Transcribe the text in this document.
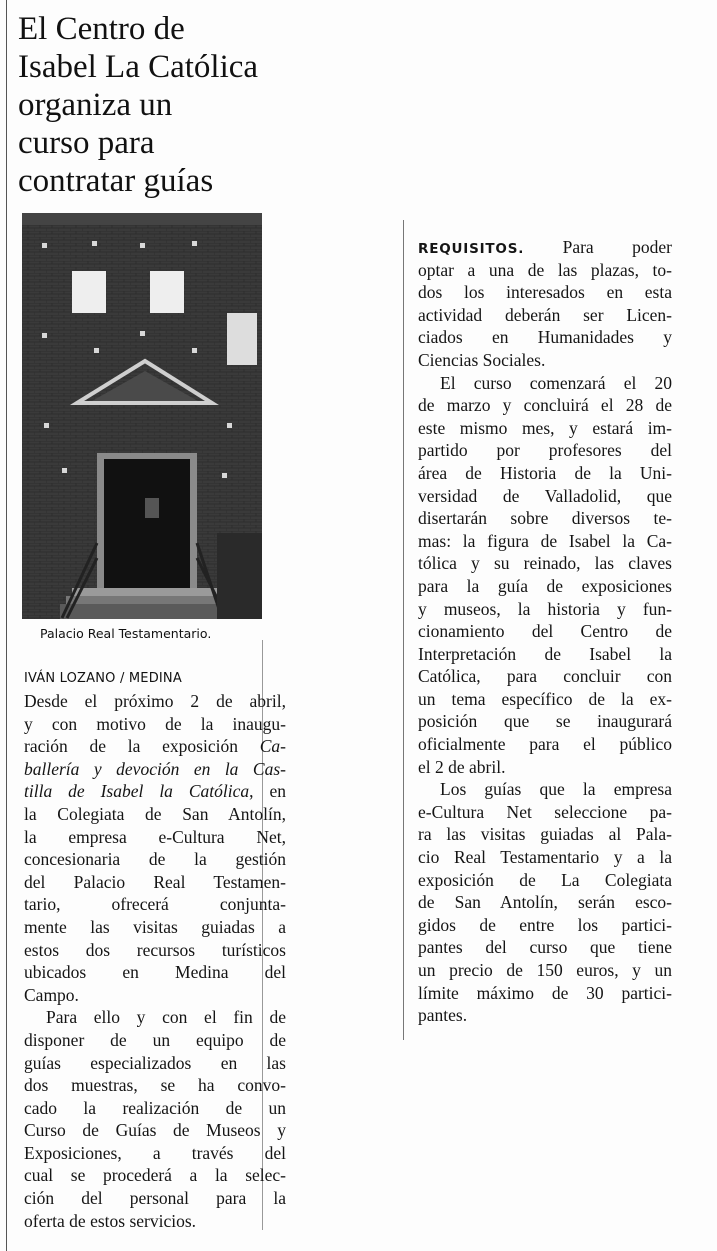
El Centro de
Isabel La Católica
organiza un
curso para
contratar guías
Palacio Real Testamentario.
IVÁN LOZANO / MEDINA
Desde el próximo 2 de abril,
y con motivo de la inaugu-
ración de la exposición Ca-
ballería y devoción en la Cas-
tilla de Isabel la Católica, en
la Colegiata de San Antolín,
la empresa e-Cultura Net,
concesionaria de la gestión
del Palacio Real Testamen-
tario, ofrecerá conjunta-
mente las visitas guiadas a
estos dos recursos turísticos
ubicados en Medina del
Campo.
Para ello y con el fin de
disponer de un equipo de
guías especializados en las
dos muestras, se ha convo-
cado la realización de un
Curso de Guías de Museos y
Exposiciones, a través del
cual se procederá a la selec-
ción del personal para la
oferta de estos servicios.
REQUISITOS. Para poder
optar a una de las plazas, to-
dos los interesados en esta
actividad deberán ser Licen-
ciados en Humanidades y
Ciencias Sociales.
El curso comenzará el 20
de marzo y concluirá el 28 de
este mismo mes, y estará im-
partido por profesores del
área de Historia de la Uni-
versidad de Valladolid, que
disertarán sobre diversos te-
mas: la figura de Isabel la Ca-
tólica y su reinado, las claves
para la guía de exposiciones
y museos, la historia y fun-
cionamiento del Centro de
Interpretación de Isabel la
Católica, para concluir con
un tema específico de la ex-
posición que se inaugurará
oficialmente para el público
el 2 de abril.
Los guías que la empresa
e-Cultura Net seleccione pa-
ra las visitas guiadas al Pala-
cio Real Testamentario y a la
exposición de La Colegiata
de San Antolín, serán esco-
gidos de entre los partici-
pantes del curso que tiene
un precio de 150 euros, y un
límite máximo de 30 partici-
pantes.
